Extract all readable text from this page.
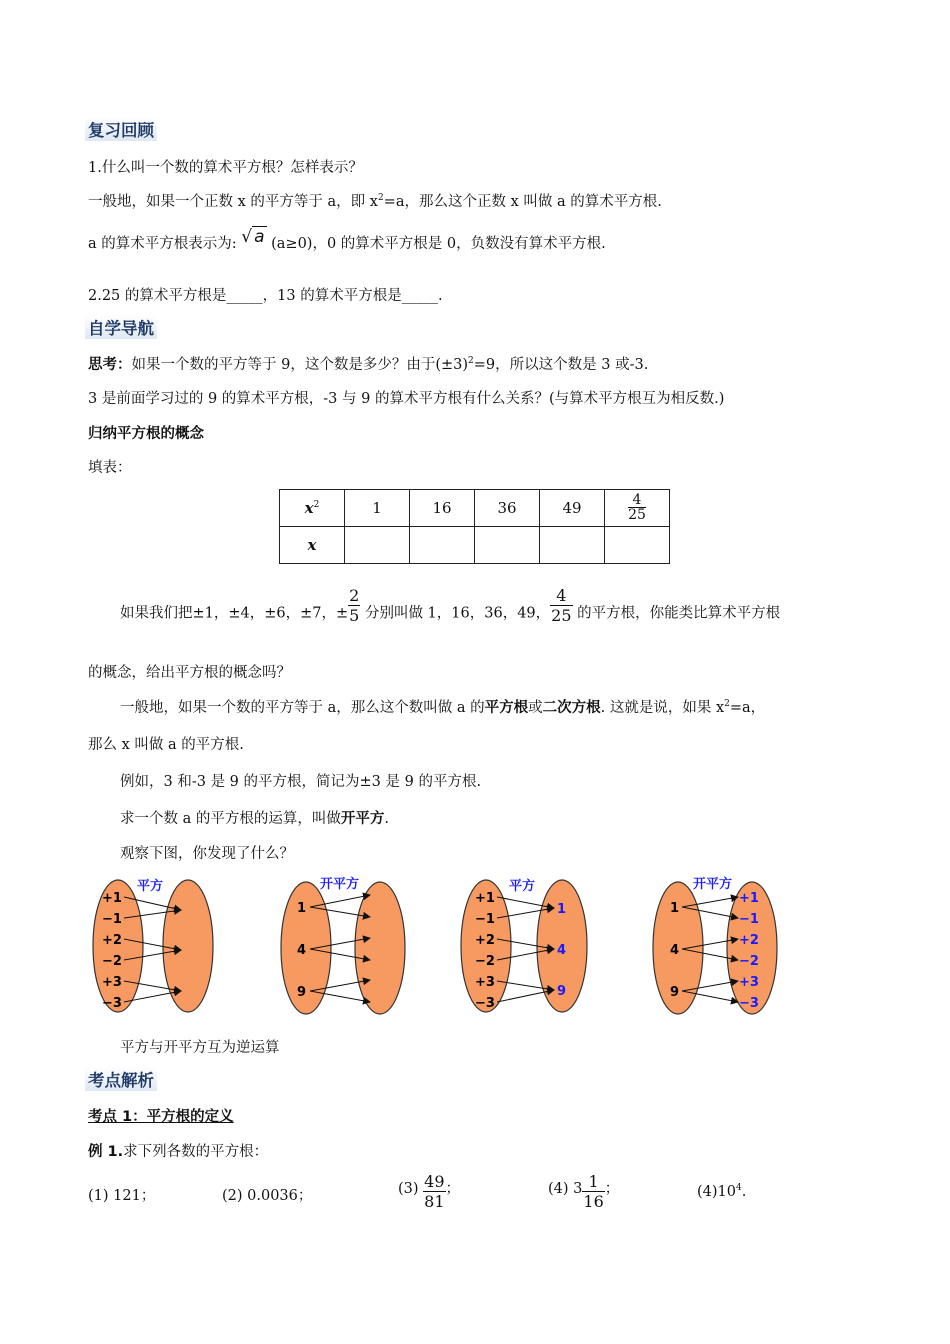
复习回顾
1.什么叫一个数的算术平方根？怎样表示？
一般地，如果一个正数 x 的平方等于 a，即 $x^2=a$，那么这个正数 x 叫做 a 的算术平方根.
a 的算术平方根表示为: √ a (a≥0)，0 的算术平方根是 0，负数没有算术平方根.
2.25 的算术平方根是_____，13 的算术平方根是_____.
自学导航
思考：如果一个数的平方等于 9，这个数是多少？由于$(\pm 3)^2=9$，所以这个数是 3 或-3.
3 是前面学习过的 9 的算术平方根，-3 与 9 的算术平方根有什么关系？(与算术平方根互为相反数.)
归纳平方根的概念
填表：
$x^2$	1	16	36	49	$\frac{4}{25}$

x					
如果我们把±1，±4，±6，±7，± $\frac{2}{5}$ 分别叫做 1，16，36，49， $\frac{4}{25}$ 的平方根，你能类比算术平方根
的概念，给出平方根的概念吗？
一般地，如果一个数的平方等于 a，那么这个数叫做 a 的平方根或二次方根. 这就是说，如果 $x^2=a$，
那么 x 叫做 a 的平方根.
例如，3 和-3 是 9 的平方根，简记为±3 是 9 的平方根.
求一个数 a 的平方根的运算，叫做开平方.
观察下图，你发现了什么？
平方
+1
−1
+2
−2
+3
−3
开平方
1
4
9
平方
+1
−1
+2
−2
+3
−3
1
4
9
开平方
1
4
9
+1
−1
+2
−2
+3
−3
平方与开平方互为逆运算
考点解析
考点 1：平方根的定义
例 1.求下列各数的平方根：
(1) 121；	(2) 0.0036；	$(3) \frac{49}{81}$ ；	(4) $3 \frac{1}{16}$ ；	$(4)10^4$.
